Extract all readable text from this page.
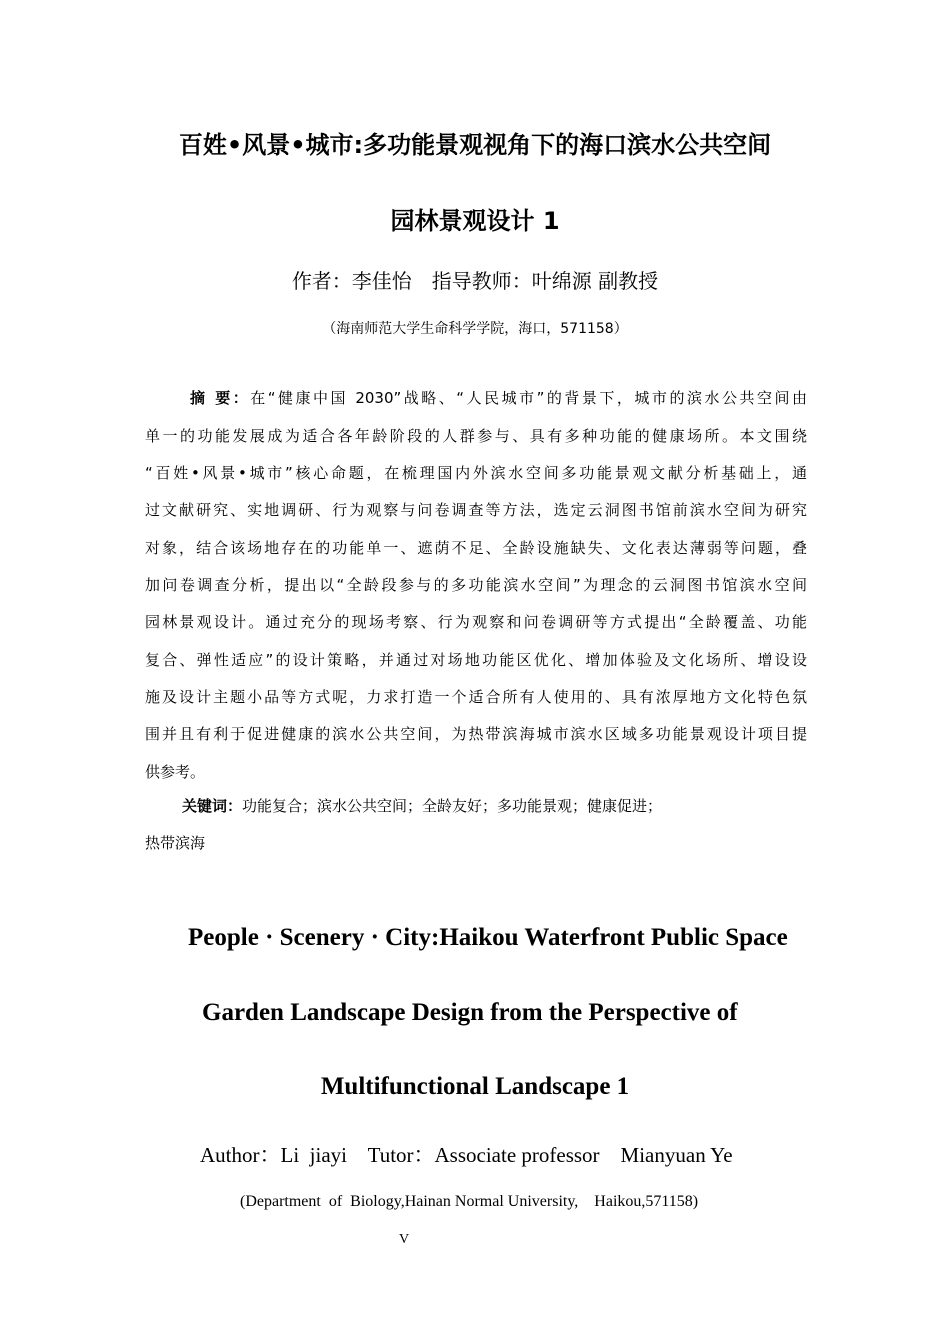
百姓•风景•城市:多功能景观视角下的海口滨水公共空间
园林景观设计 1
作者：李佳怡　指导教师：叶绵源 副教授
（海南师范大学生命科学学院，海口，571158）
摘 要：在“健康中国 2030”战略、“人民城市”的背景下，城市的滨水公共空间由
单一的功能发展成为适合各年龄阶段的人群参与、具有多种功能的健康场所。本文围绕
“百姓•风景•城市”核心命题，在梳理国内外滨水空间多功能景观文献分析基础上，通
过文献研究、实地调研、行为观察与问卷调查等方法，选定云洞图书馆前滨水空间为研究
对象，结合该场地存在的功能单一、遮荫不足、全龄设施缺失、文化表达薄弱等问题，叠
加问卷调查分析，提出以“全龄段参与的多功能滨水空间”为理念的云洞图书馆滨水空间
园林景观设计。通过充分的现场考察、行为观察和问卷调研等方式提出“全龄覆盖、功能
复合、弹性适应”的设计策略，并通过对场地功能区优化、增加体验及文化场所、增设设
施及设计主题小品等方式呢，力求打造一个适合所有人使用的、具有浓厚地方文化特色氛
围并且有利于促进健康的滨水公共空间，为热带滨海城市滨水区域多功能景观设计项目提
供参考。
关键词：功能复合；滨水公共空间；全龄友好；多功能景观；健康促进；
热带滨海
People · Scenery · City:Haikou Waterfront Public Space
Garden Landscape Design from the Perspective of
Multifunctional Landscape 1
Author：Li  jiayi    Tutor：Associate professor    Mianyuan Ye
(Department  of  Biology,Hainan Normal University,    Haikou,571158)
V
